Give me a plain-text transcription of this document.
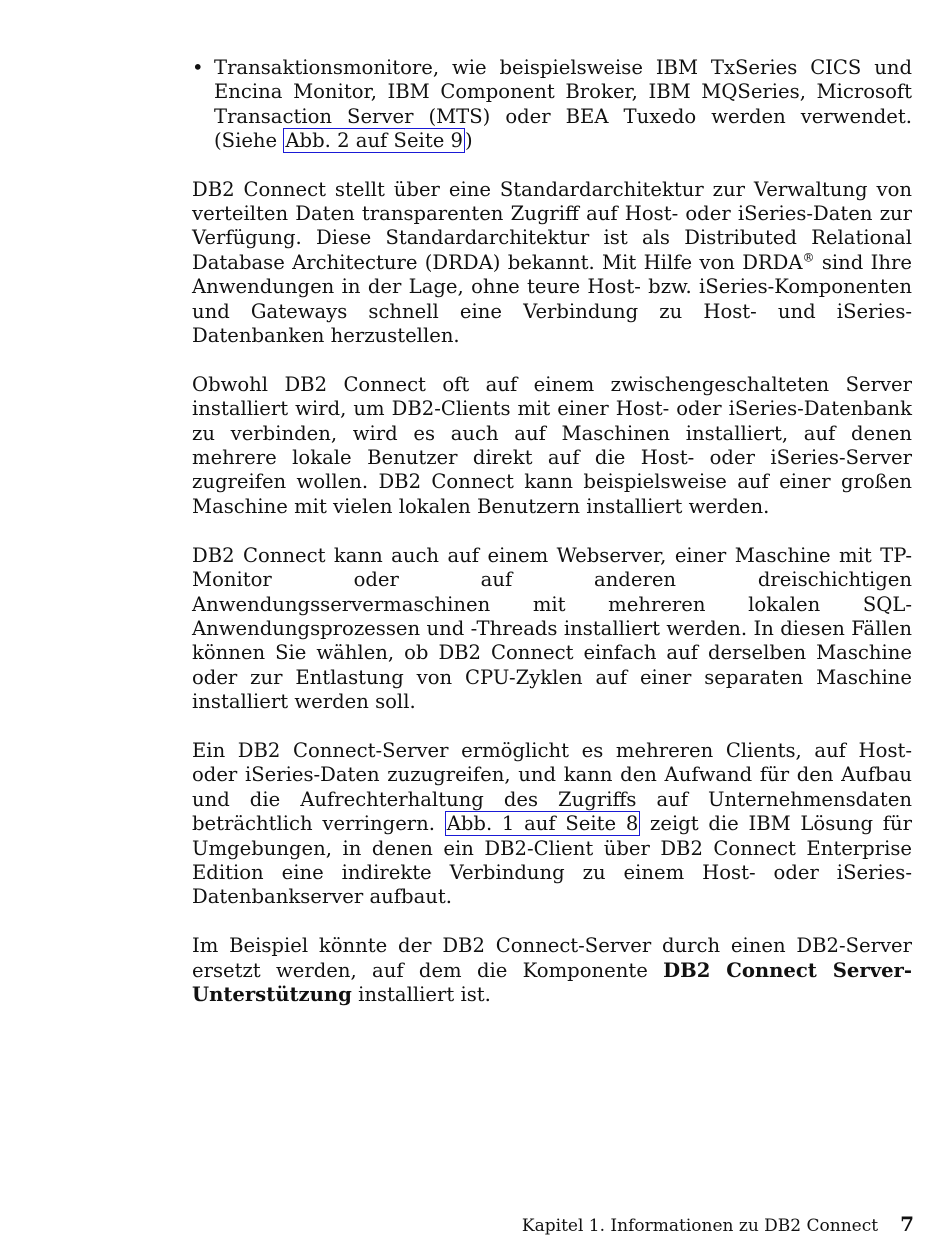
• Transaktionsmonitore, wie beispielsweise IBM TxSeries CICS und Encina Monitor, IBM Component Broker, IBM MQSeries, Microsoft Transaction Server (MTS) oder BEA Tuxedo werden verwendet. (Siehe Abb. 2 auf Seite 9 )

DB2 Connect stellt über eine Standardarchitektur zur Verwaltung von verteilten Daten transparenten Zugriff auf Host- oder iSeries-Daten zur Verfügung. Diese Standardarchitektur ist als Distributed Relational Database Architecture (DRDA) bekannt. Mit Hilfe von DRDA® sind Ihre Anwendungen in der Lage, ohne teure Host- bzw. iSeries-Komponenten und Gateways schnell eine Verbindung zu Host- und iSeries-Datenbanken herzustellen.

Obwohl DB2 Connect oft auf einem zwischengeschalteten Server installiert wird, um DB2-Clients mit einer Host- oder iSeries-Datenbank zu verbinden, wird es auch auf Maschinen installiert, auf denen mehrere lokale Benutzer direkt auf die Host- oder iSeries-Server zugreifen wollen. DB2 Connect kann beispielsweise auf einer großen Maschine mit vielen lokalen Benutzern installiert werden.

DB2 Connect kann auch auf einem Webserver, einer Maschine mit TP-Monitor oder auf anderen dreischichtigen Anwendungsservermaschinen mit mehreren lokalen SQL-Anwendungsprozessen und -Threads installiert werden. In diesen Fällen können Sie wählen, ob DB2 Connect einfach auf derselben Maschine oder zur Entlastung von CPU-Zyklen auf einer separaten Maschine installiert werden soll.

Ein DB2 Connect-Server ermöglicht es mehreren Clients, auf Host- oder iSeries-Daten zuzugreifen, und kann den Aufwand für den Aufbau und die Aufrechterhaltung des Zugriffs auf Unternehmensdaten beträchtlich verringern. Abb. 1 auf Seite 8 zeigt die IBM Lösung für Umgebungen, in denen ein DB2-Client über DB2 Connect Enterprise Edition eine indirekte Verbindung zu einem Host- oder iSeries-Datenbankserver aufbaut.

Im Beispiel könnte der DB2 Connect-Server durch einen DB2-Server ersetzt werden, auf dem die Komponente DB2 Connect Server-Unterstützung installiert ist.

Kapitel 1. Informationen zu DB2 Connect 7
